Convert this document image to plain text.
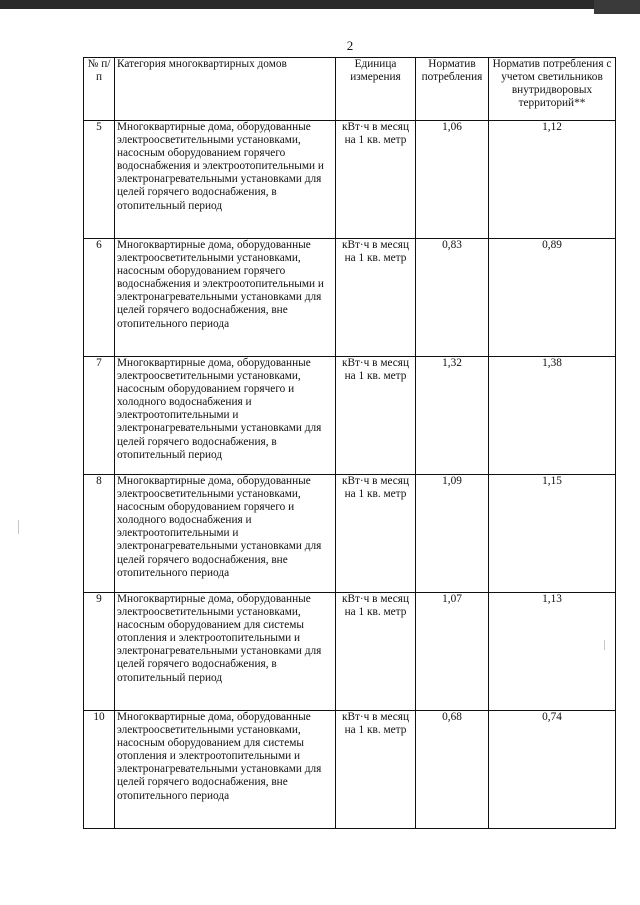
2
№ п/п	Категория многоквартирных домов	Единица измерения	Норматив потребления	Норматив потребления с учетом светильников внутридворовых территорий**
5	Многоквартирные дома, оборудованные электроосветительными установками, насосным оборудованием горячего водоснабжения и электроотопительными и электронагревательными установками для целей горячего водоснабжения, в отопительный период	кВт·ч в месяц на 1 кв. метр	1,06	1,12
6	Многоквартирные дома, оборудованные электроосветительными установками, насосным оборудованием горячего водоснабжения и электроотопительными и электронагревательными установками для целей горячего водоснабжения, вне отопительного периода	кВт·ч в месяц на 1 кв. метр	0,83	0,89
7	Многоквартирные дома, оборудованные электроосветительными установками, насосным оборудованием горячего и холодного водоснабжения и электроотопительными и электронагревательными установками для целей горячего водоснабжения, в отопительный период	кВт·ч в месяц на 1 кв. метр	1,32	1,38
8	Многоквартирные дома, оборудованные электроосветительными установками, насосным оборудованием горячего и холодного водоснабжения и электроотопительными и электронагревательными установками для целей горячего водоснабжения, вне отопительного периода	кВт·ч в месяц на 1 кв. метр	1,09	1,15
9	Многоквартирные дома, оборудованные электроосветительными установками, насосным оборудованием для системы отопления и электроотопительными и электронагревательными установками для целей горячего водоснабжения, в отопительный период	кВт·ч в месяц на 1 кв. метр	1,07	1,13
10	Многоквартирные дома, оборудованные электроосветительными установками, насосным оборудованием для системы отопления и электроотопительными и электронагревательными установками для целей горячего водоснабжения, вне отопительного периода	кВт·ч в месяц на 1 кв. метр	0,68	0,74
